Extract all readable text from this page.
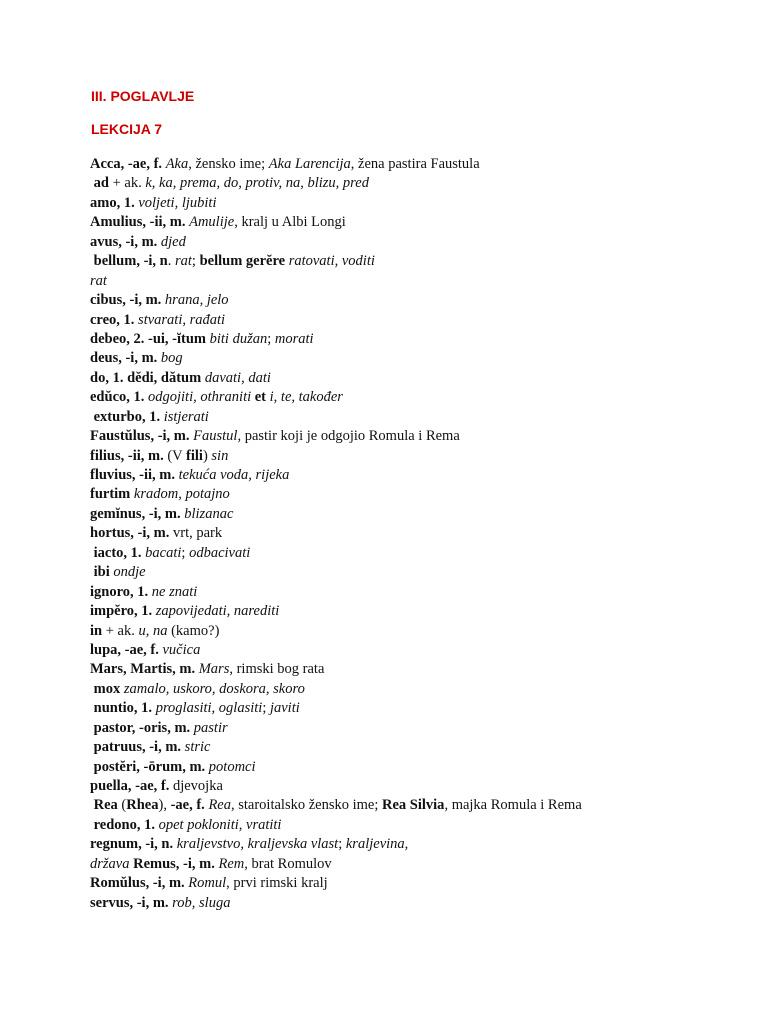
III. POGLAVLJE
LEKCIJA 7
Acca, -ae, f. Aka, žensko ime; Aka Larencija, žena pastira Faustula
ad + ak. k, ka, prema, do, protiv, na, blizu, pred
amo, 1. voljeti, ljubiti
Amulius, -ii, m. Amulije, kralj u Albi Longi
avus, -i, m. djed
bellum, -i, n. rat; bellum gerĕre ratovati, voditi
rat
cibus, -i, m. hrana, jelo
creo, 1. stvarati, rađati
debeo, 2. -ui, -ĭtum biti dužan; morati
deus, -i, m. bog
do, 1. dĕdi, dătum davati, dati
edŭco, 1. odgojiti, othraniti et i, te, također
exturbo, 1. istjerati
Faustŭlus, -i, m. Faustul, pastir koji je odgojio Romula i Rema
filius, -ii, m. (V fili) sin
fluvius, -ii, m. tekuća voda, rijeka
furtim kradom, potajno
gemĭnus, -i, m. blizanac
hortus, -i, m. vrt, park
iacto, 1. bacati; odbacivati
ibi ondje
ignoro, 1. ne znati
impĕro, 1. zapovijedati, narediti
in + ak. u, na (kamo?)
lupa, -ae, f. vučica
Mars, Martis, m. Mars, rimski bog rata
mox zamalo, uskoro, doskora, skoro
nuntio, 1. proglasiti, oglasiti; javiti
pastor, -oris, m. pastir
patruus, -i, m. stric
postĕri, -ōrum, m. potomci
puella, -ae, f. djevojka
Rea (Rhea), -ae, f. Rea, staroitalsko žensko ime; Rea Silvia, majka Romula i Rema
redono, 1. opet pokloniti, vratiti
regnum, -i, n. kraljevstvo, kraljevska vlast; kraljevina,
država Remus, -i, m. Rem, brat Romulov
Romŭlus, -i, m. Romul, prvi rimski kralj
servus, -i, m. rob, sluga
